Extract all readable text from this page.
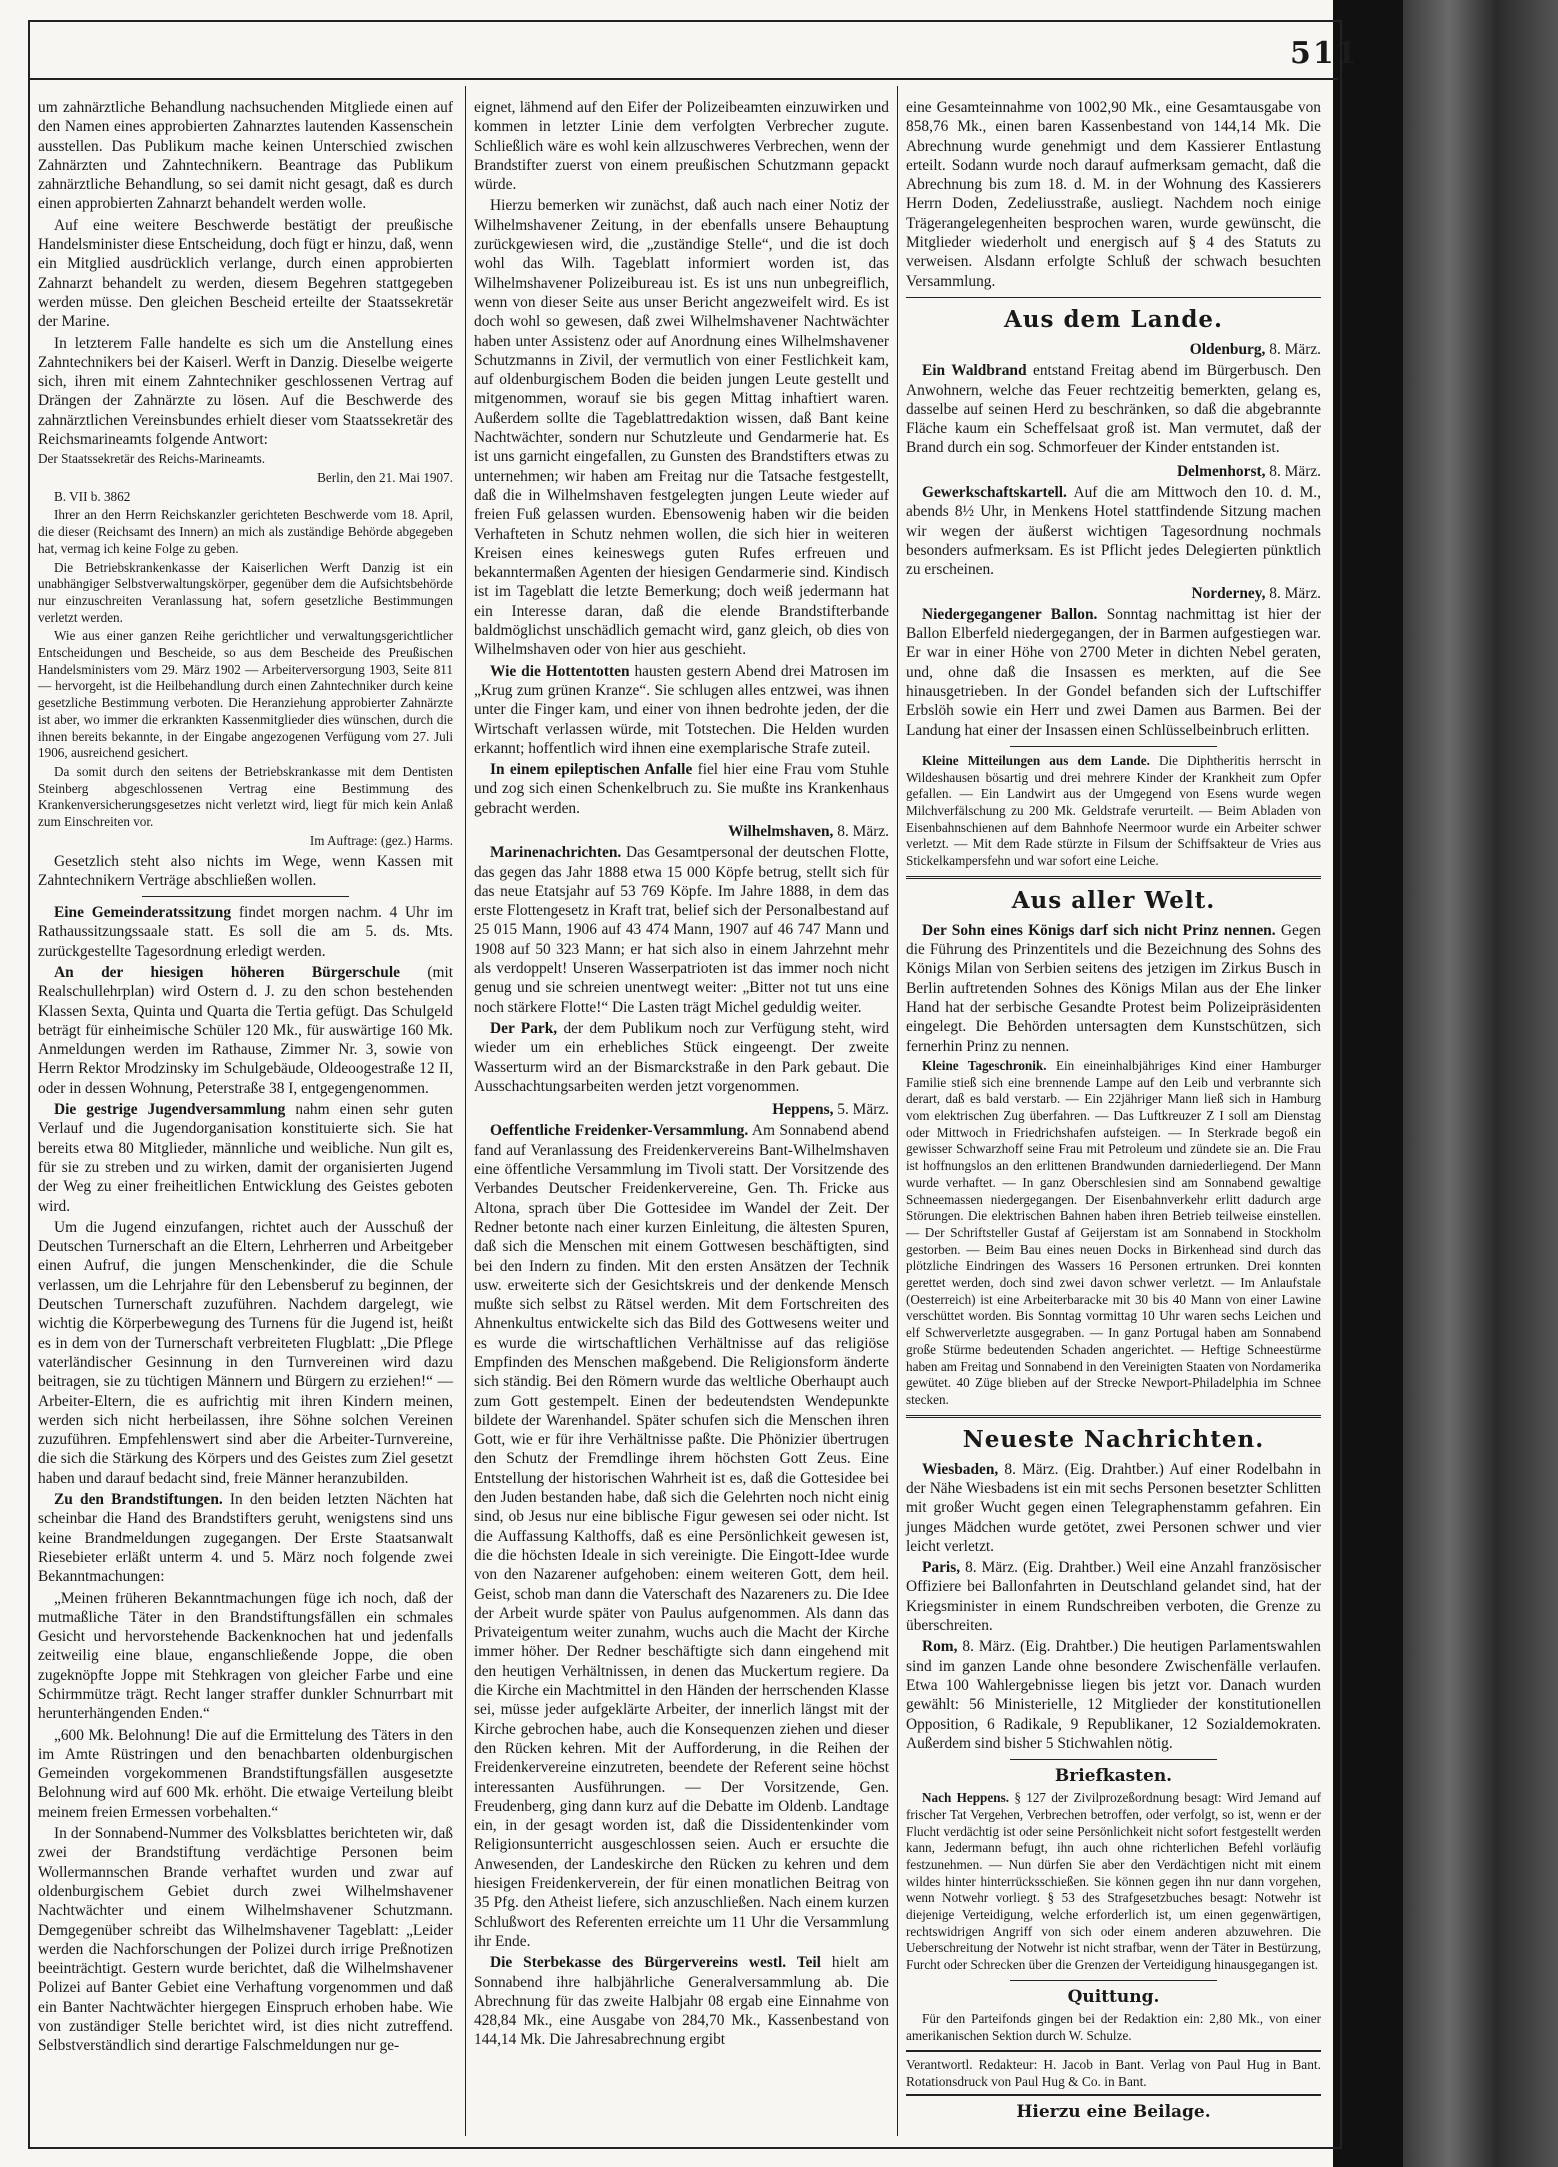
511

um zahnärztliche Behandlung nachsuchenden Mitgliede einen auf den Namen eines approbierten Zahnarztes lautenden Kassenschein ausstellen. Das Publikum mache keinen Unterschied zwischen Zahnärzten und Zahntechnikern. Beantrage das Publikum zahnärztliche Behandlung, so sei damit nicht gesagt, daß es durch einen approbierten Zahnarzt behandelt werden wolle.

Auf eine weitere Beschwerde bestätigt der preußische Handelsminister diese Entscheidung, doch fügt er hinzu, daß, wenn ein Mitglied ausdrücklich verlange, durch einen approbierten Zahnarzt behandelt zu werden, diesem Begehren stattgegeben werden müsse. Den gleichen Bescheid erteilte der Staatssekretär der Marine.

In letzterem Falle handelte es sich um die Anstellung eines Zahntechnikers bei der Kaiserl. Werft in Danzig. Dieselbe weigerte sich, ihren mit einem Zahntechniker geschlossenen Vertrag auf Drängen der Zahnärzte zu lösen. Auf die Beschwerde des zahnärztlichen Vereinsbundes erhielt dieser vom Staatssekretär des Reichsmarineamts folgende Antwort:

Der Staatssekretär des Reichs-Marineamts.

Berlin, den 21. Mai 1907.

B. VII b. 3862

Ihrer an den Herrn Reichskanzler gerichteten Beschwerde vom 18. April, die dieser (Reichsamt des Innern) an mich als zuständige Behörde abgegeben hat, vermag ich keine Folge zu geben.

Die Betriebskrankenkasse der Kaiserlichen Werft Danzig ist ein unabhängiger Selbstverwaltungskörper, gegenüber dem die Aufsichtsbehörde nur einzuschreiten Veranlassung hat, sofern gesetzliche Bestimmungen verletzt werden.

Wie aus einer ganzen Reihe gerichtlicher und verwaltungsgerichtlicher Entscheidungen und Bescheide, so aus dem Bescheide des Preußischen Handelsministers vom 29. März 1902 — Arbeiterversorgung 1903, Seite 811 — hervorgeht, ist die Heilbehandlung durch einen Zahntechniker durch keine gesetzliche Bestimmung verboten. Die Heranziehung approbierter Zahnärzte ist aber, wo immer die erkrankten Kassenmitglieder dies wünschen, durch die ihnen bereits bekannte, in der Eingabe angezogenen Verfügung vom 27. Juli 1906, ausreichend gesichert.

Da somit durch den seitens der Betriebskrankasse mit dem Dentisten Steinberg abgeschlossenen Vertrag eine Bestimmung des Krankenversicherungsgesetzes nicht verletzt wird, liegt für mich kein Anlaß zum Einschreiten vor.

Im Auftrage: (gez.) Harms.

Gesetzlich steht also nichts im Wege, wenn Kassen mit Zahntechnikern Verträge abschließen wollen.

Eine Gemeinderatssitzung findet morgen nachm. 4 Uhr im Rathaussitzungssaale statt. Es soll die am 5. ds. Mts. zurückgestellte Tagesordnung erledigt werden.

An der hiesigen höheren Bürgerschule (mit Realschullehrplan) wird Ostern d. J. zu den schon bestehenden Klassen Sexta, Quinta und Quarta die Tertia gefügt. Das Schulgeld beträgt für einheimische Schüler 120 Mk., für auswärtige 160 Mk. Anmeldungen werden im Rathause, Zimmer Nr. 3, sowie von Herrn Rektor Mrodzinsky im Schulgebäude, Oldeoogestraße 12 II, oder in dessen Wohnung, Peterstraße 38 I, entgegengenommen.

Die gestrige Jugendversammlung nahm einen sehr guten Verlauf und die Jugendorganisation konstituierte sich. Sie hat bereits etwa 80 Mitglieder, männliche und weibliche. Nun gilt es, für sie zu streben und zu wirken, damit der organisierten Jugend der Weg zu einer freiheitlichen Entwicklung des Geistes geboten wird.

Um die Jugend einzufangen, richtet auch der Ausschuß der Deutschen Turnerschaft an die Eltern, Lehrherren und Arbeitgeber einen Aufruf, die jungen Menschenkinder, die die Schule verlassen, um die Lehrjahre für den Lebensberuf zu beginnen, der Deutschen Turnerschaft zuzuführen. Nachdem dargelegt, wie wichtig die Körperbewegung des Turnens für die Jugend ist, heißt es in dem von der Turnerschaft verbreiteten Flugblatt: „Die Pflege vaterländischer Gesinnung in den Turnvereinen wird dazu beitragen, sie zu tüchtigen Männern und Bürgern zu erziehen!“ — Arbeiter-Eltern, die es aufrichtig mit ihren Kindern meinen, werden sich nicht herbeilassen, ihre Söhne solchen Vereinen zuzuführen. Empfehlenswert sind aber die Arbeiter-Turnvereine, die sich die Stärkung des Körpers und des Geistes zum Ziel gesetzt haben und darauf bedacht sind, freie Männer heranzubilden.

Zu den Brandstiftungen. In den beiden letzten Nächten hat scheinbar die Hand des Brandstifters geruht, wenigstens sind uns keine Brandmeldungen zugegangen. Der Erste Staatsanwalt Riesebieter erläßt unterm 4. und 5. März noch folgende zwei Bekanntmachungen:

„Meinen früheren Bekanntmachungen füge ich noch, daß der mutmaßliche Täter in den Brandstiftungsfällen ein schmales Gesicht und hervorstehende Backenknochen hat und jedenfalls zeitweilig eine blaue, enganschließende Joppe, die oben zugeknöpfte Joppe mit Stehkragen von gleicher Farbe und eine Schirmmütze trägt. Recht langer straffer dunkler Schnurrbart mit herunterhängenden Enden.“

„600 Mk. Belohnung! Die auf die Ermittelung des Täters in den im Amte Rüstringen und den benachbarten oldenburgischen Gemeinden vorgekommenen Brandstiftungsfällen ausgesetzte Belohnung wird auf 600 Mk. erhöht. Die etwaige Verteilung bleibt meinem freien Ermessen vorbehalten.“

In der Sonnabend-Nummer des Volksblattes berichteten wir, daß zwei der Brandstiftung verdächtige Personen beim Wollermannschen Brande verhaftet wurden und zwar auf oldenburgischem Gebiet durch zwei Wilhelmshavener Nachtwächter und einem Wilhelmshavener Schutzmann. Demgegenüber schreibt das Wilhelmshavener Tageblatt: „Leider werden die Nachforschungen der Polizei durch irrige Preßnotizen beeinträchtigt. Gestern wurde berichtet, daß die Wilhelmshavener Polizei auf Banter Gebiet eine Verhaftung vorgenommen und daß ein Banter Nachtwächter hiergegen Einspruch erhoben habe. Wie von zuständiger Stelle berichtet wird, ist dies nicht zutreffend. Selbstverständlich sind derartige Falschmeldungen nur ge-

eignet, lähmend auf den Eifer der Polizeibeamten einzuwirken und kommen in letzter Linie dem verfolgten Verbrecher zugute. Schließlich wäre es wohl kein allzuschweres Verbrechen, wenn der Brandstifter zuerst von einem preußischen Schutzmann gepackt würde.

Hierzu bemerken wir zunächst, daß auch nach einer Notiz der Wilhelmshavener Zeitung, in der ebenfalls unsere Behauptung zurückgewiesen wird, die „zuständige Stelle“, und die ist doch wohl das Wilh. Tageblatt informiert worden ist, das Wilhelmshavener Polizeibureau ist. Es ist uns nun unbegreiflich, wenn von dieser Seite aus unser Bericht angezweifelt wird. Es ist doch wohl so gewesen, daß zwei Wilhelmshavener Nachtwächter haben unter Assistenz oder auf Anordnung eines Wilhelmshavener Schutzmanns in Zivil, der vermutlich von einer Festlichkeit kam, auf oldenburgischem Boden die beiden jungen Leute gestellt und mitgenommen, worauf sie bis gegen Mittag inhaftiert waren. Außerdem sollte die Tageblattredaktion wissen, daß Bant keine Nachtwächter, sondern nur Schutzleute und Gendarmerie hat. Es ist uns garnicht eingefallen, zu Gunsten des Brandstifters etwas zu unternehmen; wir haben am Freitag nur die Tatsache festgestellt, daß die in Wilhelmshaven festgelegten jungen Leute wieder auf freien Fuß gelassen wurden. Ebensowenig haben wir die beiden Verhafteten in Schutz nehmen wollen, die sich hier in weiteren Kreisen eines keineswegs guten Rufes erfreuen und bekanntermaßen Agenten der hiesigen Gendarmerie sind. Kindisch ist im Tageblatt die letzte Bemerkung; doch weiß jedermann hat ein Interesse daran, daß die elende Brandstifterbande baldmöglichst unschädlich gemacht wird, ganz gleich, ob dies von Wilhelmshaven oder von hier aus geschieht.

Wie die Hottentotten hausten gestern Abend drei Matrosen im „Krug zum grünen Kranze“. Sie schlugen alles entzwei, was ihnen unter die Finger kam, und einer von ihnen bedrohte jeden, der die Wirtschaft verlassen würde, mit Totstechen. Die Helden wurden erkannt; hoffentlich wird ihnen eine exemplarische Strafe zuteil.

In einem epileptischen Anfalle fiel hier eine Frau vom Stuhle und zog sich einen Schenkelbruch zu. Sie mußte ins Krankenhaus gebracht werden.

Wilhelmshaven, 8. März.

Marinenachrichten. Das Gesamtpersonal der deutschen Flotte, das gegen das Jahr 1888 etwa 15 000 Köpfe betrug, stellt sich für das neue Etatsjahr auf 53 769 Köpfe. Im Jahre 1888, in dem das erste Flottengesetz in Kraft trat, belief sich der Personalbestand auf 25 015 Mann, 1906 auf 43 474 Mann, 1907 auf 46 747 Mann und 1908 auf 50 323 Mann; er hat sich also in einem Jahrzehnt mehr als verdoppelt! Unseren Wasserpatrioten ist das immer noch nicht genug und sie schreien unentwegt weiter: „Bitter not tut uns eine noch stärkere Flotte!“ Die Lasten trägt Michel geduldig weiter.

Der Park, der dem Publikum noch zur Verfügung steht, wird wieder um ein erhebliches Stück eingeengt. Der zweite Wasserturm wird an der Bismarckstraße in den Park gebaut. Die Ausschachtungsarbeiten werden jetzt vorgenommen.

Heppens, 5. März.

Oeffentliche Freidenker-Versammlung. Am Sonnabend abend fand auf Veranlassung des Freidenkervereins Bant-Wilhelmshaven eine öffentliche Versammlung im Tivoli statt. Der Vorsitzende des Verbandes Deutscher Freidenkervereine, Gen. Th. Fricke aus Altona, sprach über Die Gottesidee im Wandel der Zeit. Der Redner betonte nach einer kurzen Einleitung, die ältesten Spuren, daß sich die Menschen mit einem Gottwesen beschäftigten, sind bei den Indern zu finden. Mit den ersten Ansätzen der Technik usw. erweiterte sich der Gesichtskreis und der denkende Mensch mußte sich selbst zu Rätsel werden. Mit dem Fortschreiten des Ahnenkultus entwickelte sich das Bild des Gottwesens weiter und es wurde die wirtschaftlichen Verhältnisse auf das religiöse Empfinden des Menschen maßgebend. Die Religionsform änderte sich ständig. Bei den Römern wurde das weltliche Oberhaupt auch zum Gott gestempelt. Einen der bedeutendsten Wendepunkte bildete der Warenhandel. Später schufen sich die Menschen ihren Gott, wie er für ihre Verhältnisse paßte. Die Phönizier übertrugen den Schutz der Fremdlinge ihrem höchsten Gott Zeus. Eine Entstellung der historischen Wahrheit ist es, daß die Gottesidee bei den Juden bestanden habe, daß sich die Gelehrten noch nicht einig sind, ob Jesus nur eine biblische Figur gewesen sei oder nicht. Ist die Auffassung Kalthoffs, daß es eine Persönlichkeit gewesen ist, die die höchsten Ideale in sich vereinigte. Die Eingott-Idee wurde von den Nazarener aufgehoben: einem weiteren Gott, dem heil. Geist, schob man dann die Vaterschaft des Nazareners zu. Die Idee der Arbeit wurde später von Paulus aufgenommen. Als dann das Privateigentum weiter zunahm, wuchs auch die Macht der Kirche immer höher. Der Redner beschäftigte sich dann eingehend mit den heutigen Verhältnissen, in denen das Muckertum regiere. Da die Kirche ein Machtmittel in den Händen der herrschenden Klasse sei, müsse jeder aufgeklärte Arbeiter, der innerlich längst mit der Kirche gebrochen habe, auch die Konsequenzen ziehen und dieser den Rücken kehren. Mit der Aufforderung, in die Reihen der Freidenkervereine einzutreten, beendete der Referent seine höchst interessanten Ausführungen. — Der Vorsitzende, Gen. Freudenberg, ging dann kurz auf die Debatte im Oldenb. Landtage ein, in der gesagt worden ist, daß die Dissidentenkinder vom Religionsunterricht ausgeschlossen seien. Auch er ersuchte die Anwesenden, der Landeskirche den Rücken zu kehren und dem hiesigen Freidenkerverein, der für einen monatlichen Beitrag von 35 Pfg. den Atheist liefere, sich anzuschließen. Nach einem kurzen Schlußwort des Referenten erreichte um 11 Uhr die Versammlung ihr Ende.

Die Sterbekasse des Bürgervereins westl. Teil hielt am Sonnabend ihre halbjährliche Generalversammlung ab. Die Abrechnung für das zweite Halbjahr 08 ergab eine Einnahme von 428,84 Mk., eine Ausgabe von 284,70 Mk., Kassenbestand von 144,14 Mk. Die Jahresabrechnung ergibt

eine Gesamteinnahme von 1002,90 Mk., eine Gesamtausgabe von 858,76 Mk., einen baren Kassenbestand von 144,14 Mk. Die Abrechnung wurde genehmigt und dem Kassierer Entlastung erteilt. Sodann wurde noch darauf aufmerksam gemacht, daß die Abrechnung bis zum 18. d. M. in der Wohnung des Kassierers Herrn Doden, Zedeliusstraße, ausliegt. Nachdem noch einige Trägerangelegenheiten besprochen waren, wurde gewünscht, die Mitglieder wiederholt und energisch auf § 4 des Statuts zu verweisen. Alsdann erfolgte Schluß der schwach besuchten Versammlung.

Aus dem Lande.

Oldenburg, 8. März.

Ein Waldbrand entstand Freitag abend im Bürgerbusch. Den Anwohnern, welche das Feuer rechtzeitig bemerkten, gelang es, dasselbe auf seinen Herd zu beschränken, so daß die abgebrannte Fläche kaum ein Scheffelsaat groß ist. Man vermutet, daß der Brand durch ein sog. Schmorfeuer der Kinder entstanden ist.

Delmenhorst, 8. März.

Gewerkschaftskartell. Auf die am Mittwoch den 10. d. M., abends 8½ Uhr, in Menkens Hotel stattfindende Sitzung machen wir wegen der äußerst wichtigen Tagesordnung nochmals besonders aufmerksam. Es ist Pflicht jedes Delegierten pünktlich zu erscheinen.

Norderney, 8. März.

Niedergegangener Ballon. Sonntag nachmittag ist hier der Ballon Elberfeld niedergegangen, der in Barmen aufgestiegen war. Er war in einer Höhe von 2700 Meter in dichten Nebel geraten, und, ohne daß die Insassen es merkten, auf die See hinausgetrieben. In der Gondel befanden sich der Luftschiffer Erbslöh sowie ein Herr und zwei Damen aus Barmen. Bei der Landung hat einer der Insassen einen Schlüsselbeinbruch erlitten.

Kleine Mitteilungen aus dem Lande. Die Diphtheritis herrscht in Wildeshausen bösartig und drei mehrere Kinder der Krankheit zum Opfer gefallen. — Ein Landwirt aus der Umgegend von Esens wurde wegen Milchverfälschung zu 200 Mk. Geldstrafe verurteilt. — Beim Abladen von Eisenbahnschienen auf dem Bahnhofe Neermoor wurde ein Arbeiter schwer verletzt. — Mit dem Rade stürzte in Filsum der Schiffsakteur de Vries aus Stickelkampersfehn und war sofort eine Leiche.

Aus aller Welt.

Der Sohn eines Königs darf sich nicht Prinz nennen. Gegen die Führung des Prinzentitels und die Bezeichnung des Sohns des Königs Milan von Serbien seitens des jetzigen im Zirkus Busch in Berlin auftretenden Sohnes des Königs Milan aus der Ehe linker Hand hat der serbische Gesandte Protest beim Polizeipräsidenten eingelegt. Die Behörden untersagten dem Kunstschützen, sich fernerhin Prinz zu nennen.

Kleine Tageschronik. Ein eineinhalbjähriges Kind einer Hamburger Familie stieß sich eine brennende Lampe auf den Leib und verbrannte sich derart, daß es bald verstarb. — Ein 22jähriger Mann ließ sich in Hamburg vom elektrischen Zug überfahren. — Das Luftkreuzer Z I soll am Dienstag oder Mittwoch in Friedrichshafen aufsteigen. — In Sterkrade begoß ein gewisser Schwarzhoff seine Frau mit Petroleum und zündete sie an. Die Frau ist hoffnungslos an den erlittenen Brandwunden darniederliegend. Der Mann wurde verhaftet. — In ganz Oberschlesien sind am Sonnabend gewaltige Schneemassen niedergegangen. Der Eisenbahnverkehr erlitt dadurch arge Störungen. Die elektrischen Bahnen haben ihren Betrieb teilweise einstellen. — Der Schriftsteller Gustaf af Geijerstam ist am Sonnabend in Stockholm gestorben. — Beim Bau eines neuen Docks in Birkenhead sind durch das plötzliche Eindringen des Wassers 16 Personen ertrunken. Drei konnten gerettet werden, doch sind zwei davon schwer verletzt. — Im Anlaufstale (Oesterreich) ist eine Arbeiterbaracke mit 30 bis 40 Mann von einer Lawine verschüttet worden. Bis Sonntag vormittag 10 Uhr waren sechs Leichen und elf Schwerverletzte ausgegraben. — In ganz Portugal haben am Sonnabend große Stürme bedeutenden Schaden angerichtet. — Heftige Schneestürme haben am Freitag und Sonnabend in den Vereinigten Staaten von Nordamerika gewütet. 40 Züge blieben auf der Strecke Newport-Philadelphia im Schnee stecken.

Neueste Nachrichten.

Wiesbaden, 8. März. (Eig. Drahtber.) Auf einer Rodelbahn in der Nähe Wiesbadens ist ein mit sechs Personen besetzter Schlitten mit großer Wucht gegen einen Telegraphenstamm gefahren. Ein junges Mädchen wurde getötet, zwei Personen schwer und vier leicht verletzt.

Paris, 8. März. (Eig. Drahtber.) Weil eine Anzahl französischer Offiziere bei Ballonfahrten in Deutschland gelandet sind, hat der Kriegsminister in einem Rundschreiben verboten, die Grenze zu überschreiten.

Rom, 8. März. (Eig. Drahtber.) Die heutigen Parlamentswahlen sind im ganzen Lande ohne besondere Zwischenfälle verlaufen. Etwa 100 Wahlergebnisse liegen bis jetzt vor. Danach wurden gewählt: 56 Ministerielle, 12 Mitglieder der konstitutionellen Opposition, 6 Radikale, 9 Republikaner, 12 Sozialdemokraten. Außerdem sind bisher 5 Stichwahlen nötig.

Briefkasten.

Nach Heppens. § 127 der Zivilprozeßordnung besagt: Wird Jemand auf frischer Tat Vergehen, Verbrechen betroffen, oder verfolgt, so ist, wenn er der Flucht verdächtig ist oder seine Persönlichkeit nicht sofort festgestellt werden kann, Jedermann befugt, ihn auch ohne richterlichen Befehl vorläufig festzunehmen. — Nun dürfen Sie aber den Verdächtigen nicht mit einem wildes hinter hinterrücksschießen. Sie können gegen ihn nur dann vorgehen, wenn Notwehr vorliegt. § 53 des Strafgesetzbuches besagt: Notwehr ist diejenige Verteidigung, welche erforderlich ist, um einen gegenwärtigen, rechtswidrigen Angriff von sich oder einem anderen abzuwehren. Die Ueberschreitung der Notwehr ist nicht strafbar, wenn der Täter in Bestürzung, Furcht oder Schrecken über die Grenzen der Verteidigung hinausgegangen ist.

Quittung.

Für den Parteifonds gingen bei der Redaktion ein: 2,80 Mk., von einer amerikanischen Sektion durch W. Schulze.

Verantwortl. Redakteur: H. Jacob in Bant. Verlag von Paul Hug in Bant. Rotationsdruck von Paul Hug & Co. in Bant.
Hierzu eine Beilage.
